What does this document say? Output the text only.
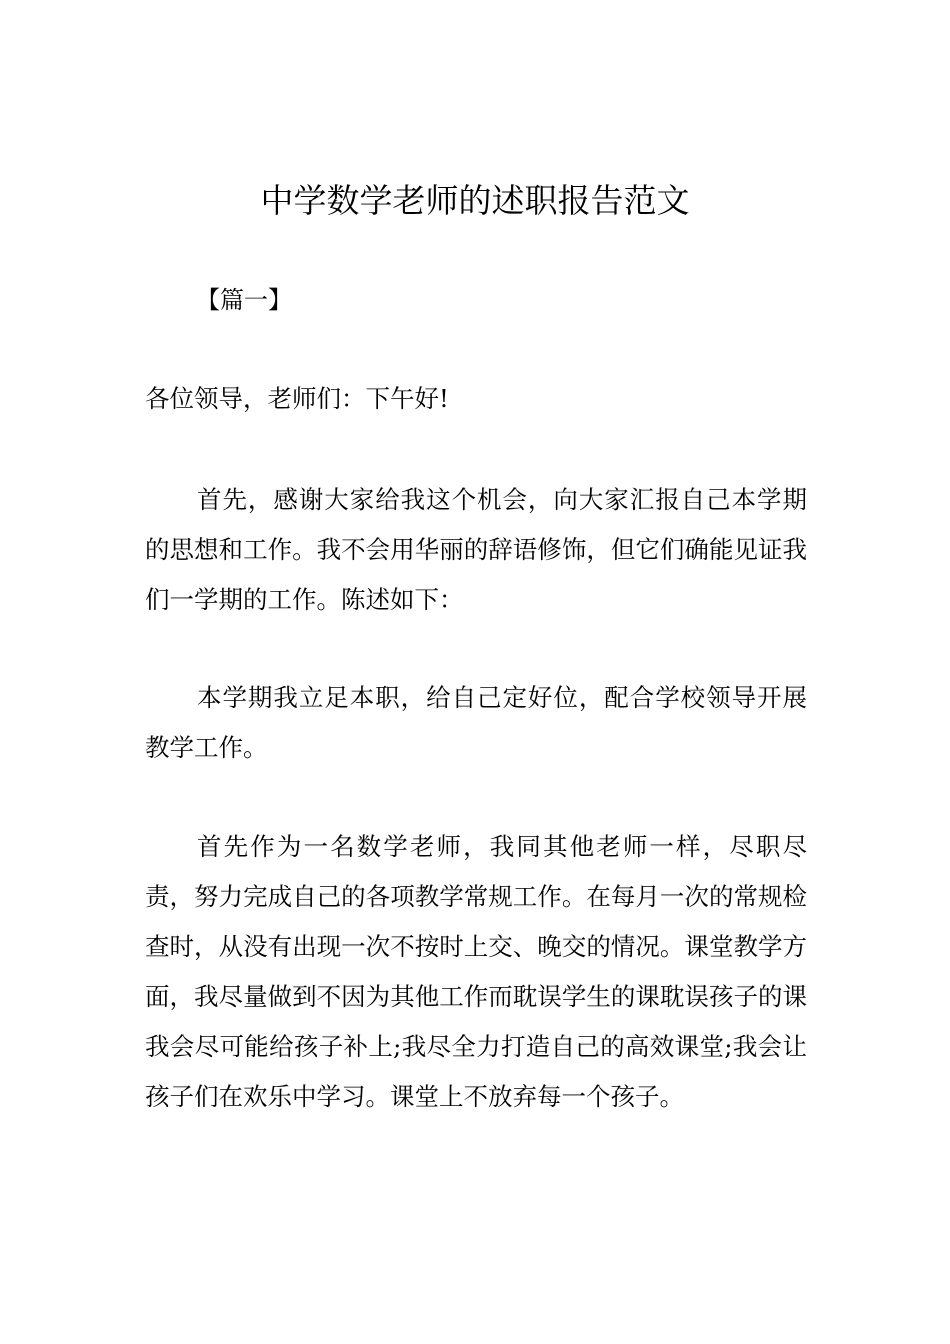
中学数学老师的述职报告范文
【篇一】

各位领导，老师们：下午好!

首先，感谢大家给我这个机会，向大家汇报自己本学期的思想和工作。我不会用华丽的辞语修饰，但它们确能见证我们一学期的工作。陈述如下：

本学期我立足本职，给自己定好位，配合学校领导开展教学工作。

首先作为一名数学老师，我同其他老师一样，尽职尽责，努力完成自己的各项教学常规工作。在每月一次的常规检查时，从没有出现一次不按时上交、晚交的情况。课堂教学方面，我尽量做到不因为其他工作而耽误学生的课耽误孩子的课我会尽可能给孩子补上;我尽全力打造自己的高效课堂;我会让孩子们在欢乐中学习。课堂上不放弃每一个孩子。
